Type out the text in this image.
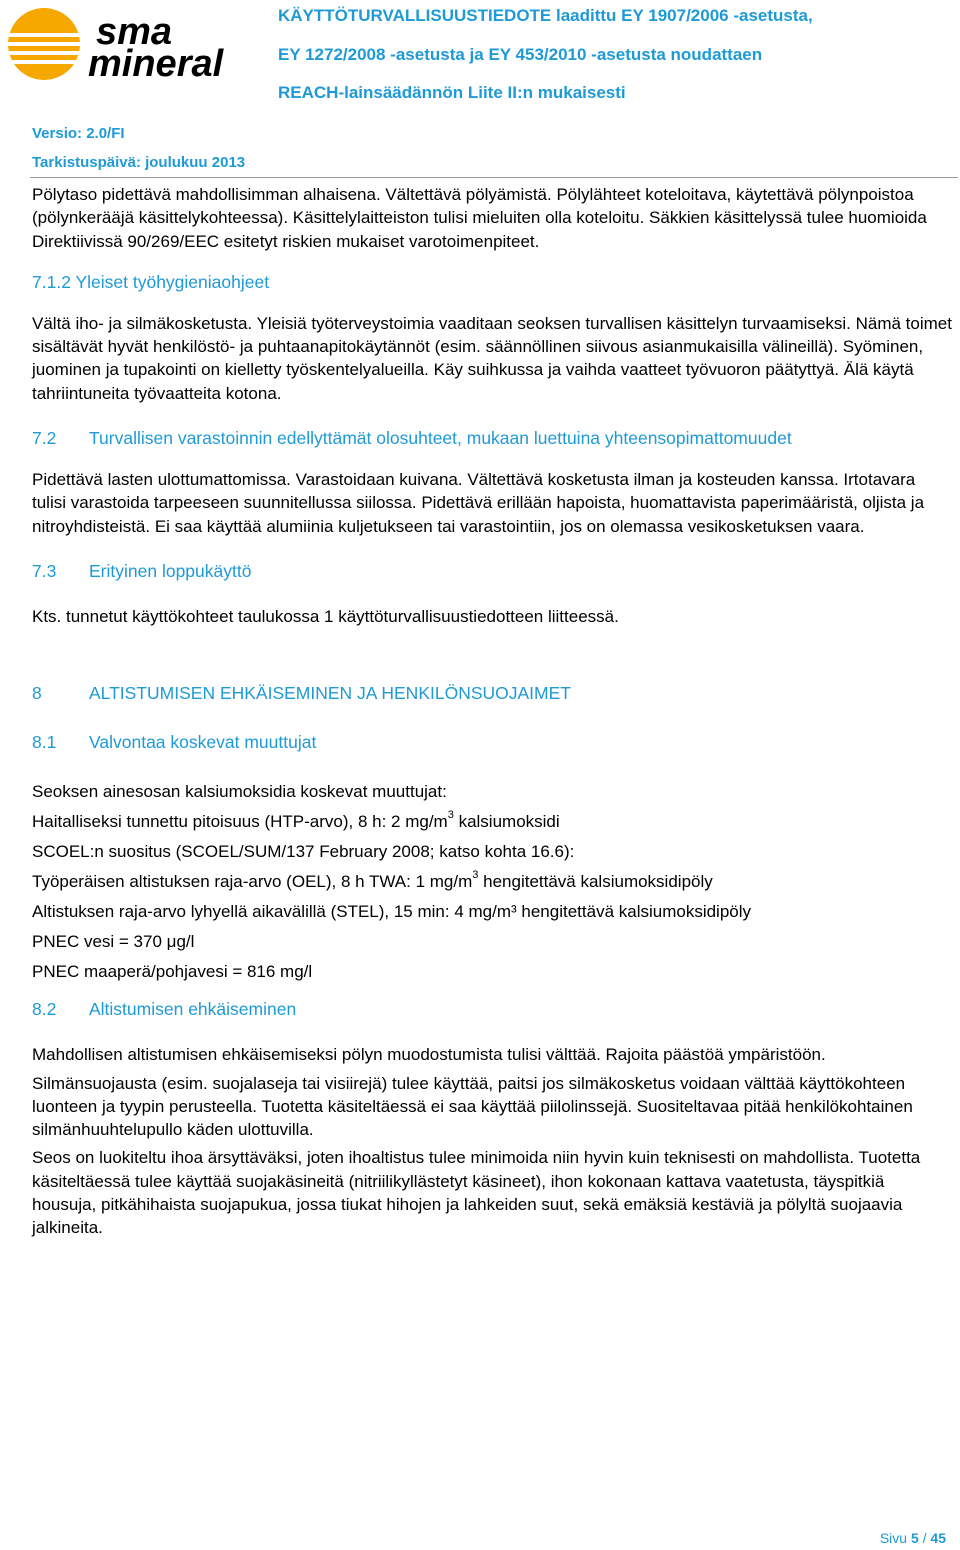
sma
mineral
KÄYTTÖTURVALLISUUSTIEDOTE laadittu EY 1907/2006 -asetusta,
EY 1272/2008 -asetusta ja EY 453/2010 -asetusta noudattaen
REACH-lainsäädännön Liite II:n mukaisesti
Versio: 2.0/FI
Tarkistuspäivä: joulukuu 2013

Pölytaso pidettävä mahdollisimman alhaisena. Vältettävä pölyämistä. Pölylähteet koteloitava, käytettävä pölynpoistoa (pölynkerääjä käsittelykohteessa). Käsittelylaitteiston tulisi mieluiten olla koteloitu. Säkkien käsittelyssä tulee huomioida Direktiivissä 90/269/EEC esitetyt riskien mukaiset varotoimenpiteet.

7.1.2 Yleiset työhygieniaohjeet

Vältä iho- ja silmäkosketusta. Yleisiä työterveystoimia vaaditaan seoksen turvallisen käsittelyn turvaamiseksi. Nämä toimet sisältävät hyvät henkilöstö- ja puhtaanapitokäytännöt (esim. säännöllinen siivous asianmukaisilla välineillä). Syöminen, juominen ja tupakointi on kielletty työskentelyalueilla. Käy suihkussa ja vaihda vaatteet työvuoron päätyttyä. Älä käytä tahriintuneita työvaatteita kotona.

7.2 Turvallisen varastoinnin edellyttämät olosuhteet, mukaan luettuina yhteensopimattomuudet

Pidettävä lasten ulottumattomissa. Varastoidaan kuivana. Vältettävä kosketusta ilman ja kosteuden kanssa. Irtotavara tulisi varastoida tarpeeseen suunnitellussa siilossa. Pidettävä erillään hapoista, huomattavista paperimääristä, oljista ja nitroyhdisteistä. Ei saa käyttää alumiinia kuljetukseen tai varastointiin, jos on olemassa vesikosketuksen vaara.

7.3 Erityinen loppukäyttö

Kts. tunnetut käyttökohteet taulukossa 1 käyttöturvallisuustiedotteen liitteessä.

8	ALTISTUMISEN EHKÄISEMINEN JA HENKILÖNSUOJAIMET
8.1 Valvontaa koskevat muuttujat
Seoksen ainesosan kalsiumoksidia koskevat muuttujat:
Haitalliseksi tunnettu pitoisuus (HTP-arvo), 8 h: 2 $mg/m^3$ kalsiumoksidi
SCOEL:n suositus (SCOEL/SUM/137 February 2008; katso kohta 16.6):
Työperäisen altistuksen raja-arvo (OEL), 8 h TWA: 1 $mg/m^3$ hengitettävä kalsiumoksidipöly
Altistuksen raja-arvo lyhyellä aikavälillä (STEL), 15 min: 4 mg/m³ hengitettävä kalsiumoksidipöly
PNEC vesi = 370 μg/l
PNEC maaperä/pohjavesi = 816 mg/l
8.2 Altistumisen ehkäiseminen

Mahdollisen altistumisen ehkäisemiseksi pölyn muodostumista tulisi välttää. Rajoita päästöä ympäristöön.

Silmänsuojausta (esim. suojalaseja tai visiirejä) tulee käyttää, paitsi jos silmäkosketus voidaan välttää käyttökohteen luonteen ja tyypin perusteella. Tuotetta käsiteltäessä ei saa käyttää piilolinssejä. Suositeltavaa pitää henkilökohtainen silmänhuuhtelupullo käden ulottuvilla.

Seos on luokiteltu ihoa ärsyttäväksi, joten ihoaltistus tulee minimoida niin hyvin kuin teknisesti on mahdollista. Tuotetta käsiteltäessä tulee käyttää suojakäsineitä (nitriilikyllästetyt käsineet), ihon kokonaan kattava vaatetusta, täyspitkiä housuja, pitkähihaista suojapukua, jossa tiukat hihojen ja lahkeiden suut, sekä emäksiä kestäviä ja pölyltä suojaavia jalkineita.

Sivu 5 / 45
